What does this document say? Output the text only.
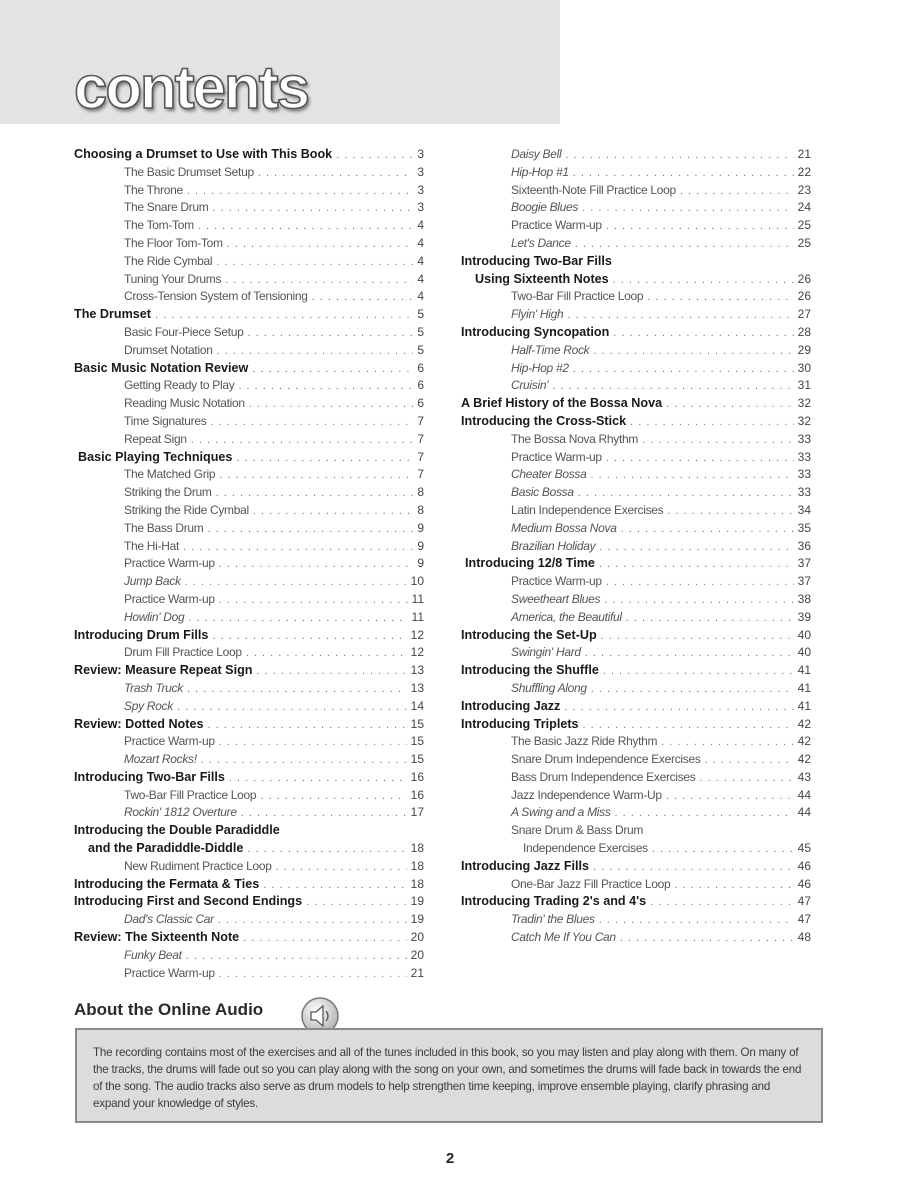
contents
Choosing a Drumset to Use with This Book . . .	3
The Basic Drumset Setup . . .	3
The Throne . . .	3
The Snare Drum . . .	3
The Tom-Tom . . .	4
The Floor Tom-Tom . . .	4
The Ride Cymbal . . .	4
Tuning Your Drums . . .	4
Cross-Tension System of Tensioning . . .	4
The Drumset . . .	5
Basic Four-Piece Setup . . .	5
Drumset Notation . . .	5
Basic Music Notation Review . . .	6
Getting Ready to Play . . .	6
Reading Music Notation . . .	6
Time Signatures . . .	7
Repeat Sign . . .	7
Basic Playing Techniques . . .	7
The Matched Grip . . .	7
Striking the Drum . . .	8
Striking the Ride Cymbal . . .	8
The Bass Drum . . .	9
The Hi-Hat . . .	9
Practice Warm-up . . .	9
Jump Back . . .	10
Practice Warm-up . . .	11
Howlin' Dog . . .	11
Introducing Drum Fills . . .	12
Drum Fill Practice Loop . . .	12
Review: Measure Repeat Sign . . .	13
Trash Truck . . .	13
Spy Rock . . .	14
Review: Dotted Notes . . .	15
Practice Warm-up . . .	15
Mozart Rocks! . . .	15
Introducing Two-Bar Fills . . .	16
Two-Bar Fill Practice Loop . . .	16
Rockin' 1812 Overture . . .	17
Introducing the Double Paradiddle
and the Paradiddle-Diddle . . .	18
New Rudiment Practice Loop . . .	18
Introducing the Fermata & Ties . . .	18
Introducing First and Second Endings . . .	19
Dad's Classic Car . . .	19
Review: The Sixteenth Note . . .	20
Funky Beat . . .	20
Practice Warm-up . . .	21
Daisy Bell . . .	21
Hip-Hop #1 . . .	22
Sixteenth-Note Fill Practice Loop . . .	23
Boogie Blues . . .	24
Practice Warm-up . . .	25
Let's Dance . . .	25
Introducing Two-Bar Fills
Using Sixteenth Notes . . .	26
Two-Bar Fill Practice Loop . . .	26
Flyin' High . . .	27
Introducing Syncopation . . .	28
Half-Time Rock . . .	29
Hip-Hop #2 . . .	30
Cruisin' . . .	31
A Brief History of the Bossa Nova . . .	32
Introducing the Cross-Stick . . .	32
The Bossa Nova Rhythm . . .	33
Practice Warm-up . . .	33
Cheater Bossa . . .	33
Basic Bossa . . .	33
Latin Independence Exercises . . .	34
Medium Bossa Nova . . .	35
Brazilian Holiday . . .	36
Introducing 12/8 Time . . .	37
Practice Warm-up . . .	37
Sweetheart Blues . . .	38
America, the Beautiful . . .	39
Introducing the Set-Up . . .	40
Swingin' Hard . . .	40
Introducing the Shuffle . . .	41
Shuffling Along . . .	41
Introducing Jazz . . .	41
Introducing Triplets . . .	42
The Basic Jazz Ride Rhythm . . .	42
Snare Drum Independence Exercises . . .	42
Bass Drum Independence Exercises . . .	43
Jazz Independence Warm-Up . . .	44
A Swing and a Miss . . .	44
Snare Drum & Bass Drum
Independence Exercises . . .	45
Introducing Jazz Fills . . .	46
One-Bar Jazz Fill Practice Loop . . .	46
Introducing Trading 2's and 4's . . .	47
Tradin' the Blues . . .	47
Catch Me If You Can . . .	48
About the Online Audio
The recording contains most of the exercises and all of the tunes included in this book, so you may listen and play along with them. On many of the tracks, the drums will fade out so you can play along with the song on your own, and sometimes the drums will fade back in towards the end of the song. The audio tracks also serve as drum models to help strengthen time keeping, improve ensemble playing, clarify phrasing and expand your knowledge of styles.
2
